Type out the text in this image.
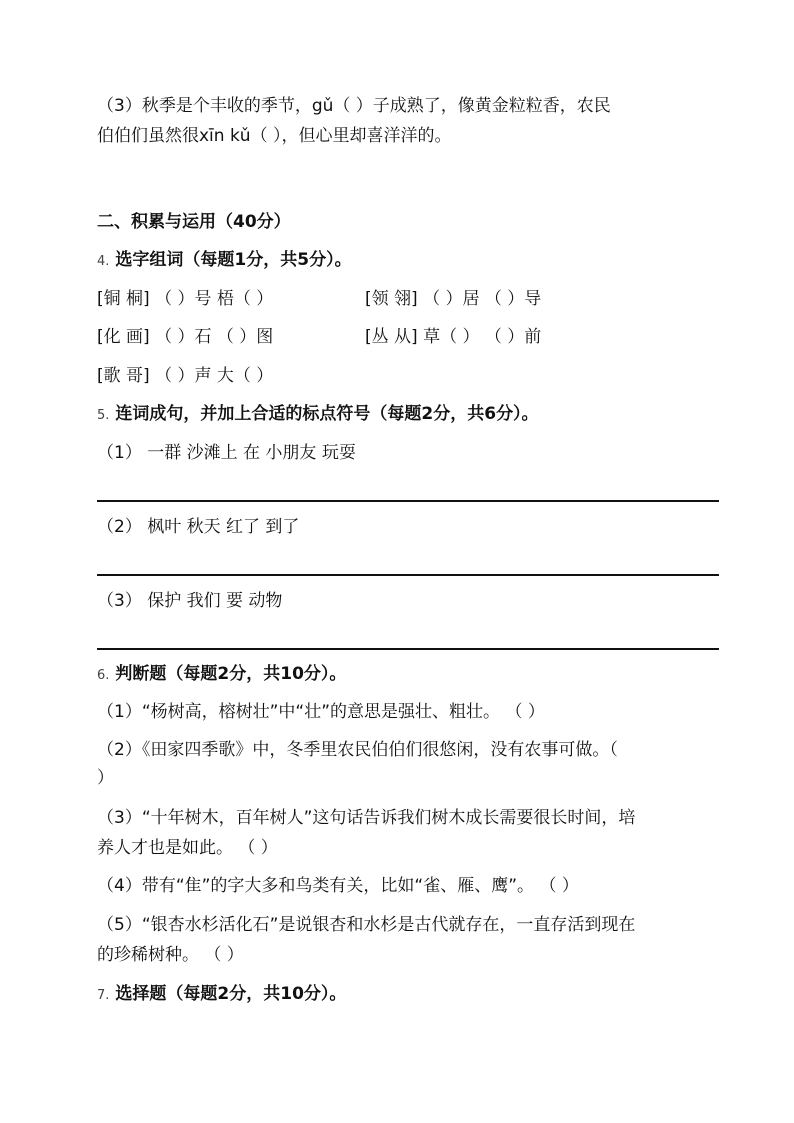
（3）秋季是个丰收的季节，gǔ（ ）子成熟了，像黄金粒粒香，农民
伯伯们虽然很xīn kǔ（ ），但心里却喜洋洋的。
二、积累与运用（40分）
4. 选字组词（每题1分，共5分）。
[铜 桐] （ ）号 梧（ ）	[领 翎] （ ）居 （ ）导
[化 画] （ ）石 （ ）图	[丛 从] 草（ ） （ ）前
[歌 哥] （ ）声 大（ ）
5. 连词成句，并加上合适的标点符号（每题2分，共6分）。
（1） 一群 沙滩上 在 小朋友 玩耍
（2） 枫叶 秋天 红了 到了
（3） 保护 我们 要 动物
6. 判断题（每题2分，共10分）。
（1）“杨树高，榕树壮”中“壮”的意思是强壮、粗壮。 （ ）
（2）《田家四季歌》中，冬季里农民伯伯们很悠闲，没有农事可做。（
）
（3）“十年树木，百年树人”这句话告诉我们树木成长需要很长时间，培
养人才也是如此。 （ ）
（4）带有“隹”的字大多和鸟类有关，比如“雀、雁、鹰”。 （ ）
（5）“银杏水杉活化石”是说银杏和水杉是古代就存在，一直存活到现在
的珍稀树种。 （ ）
7. 选择题（每题2分，共10分）。
